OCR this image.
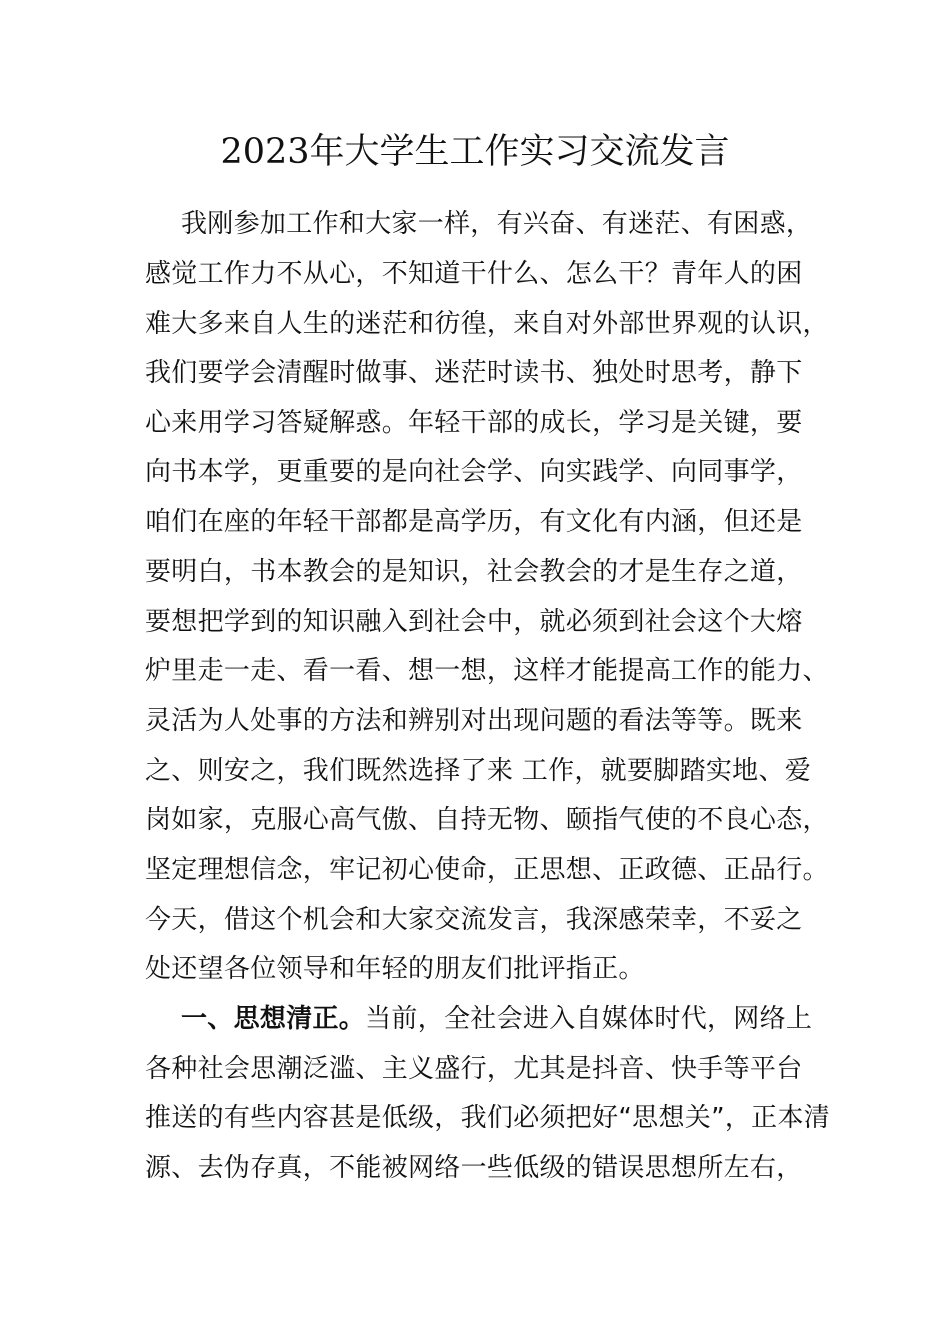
2023年大学生工作实习交流发言
我刚参加工作和大家一样，有兴奋、有迷茫、有困惑，
感觉工作力不从心，不知道干什么、怎么干？青年人的困
难大多来自人生的迷茫和彷徨，来自对外部世界观的认识，
我们要学会清醒时做事、迷茫时读书、独处时思考，静下
心来用学习答疑解惑。年轻干部的成长，学习是关键，要
向书本学，更重要的是向社会学、向实践学、向同事学，
咱们在座的年轻干部都是高学历，有文化有内涵，但还是
要明白，书本教会的是知识，社会教会的才是生存之道，
要想把学到的知识融入到社会中，就必须到社会这个大熔
炉里走一走、看一看、想一想，这样才能提高工作的能力、
灵活为人处事的方法和辨别对出现问题的看法等等。既来
之、则安之，我们既然选择了来 工作，就要脚踏实地、爱
岗如家，克服心高气傲、自持无物、颐指气使的不良心态，
坚定理想信念，牢记初心使命，正思想、正政德、正品行。
今天，借这个机会和大家交流发言，我深感荣幸，不妥之
处还望各位领导和年轻的朋友们批评指正。
一、思想清正。当前，全社会进入自媒体时代，网络上
各种社会思潮泛滥、主义盛行，尤其是抖音、快手等平台
推送的有些内容甚是低级，我们必须把好“思想关”，正本清
源、去伪存真，不能被网络一些低级的错误思想所左右，
